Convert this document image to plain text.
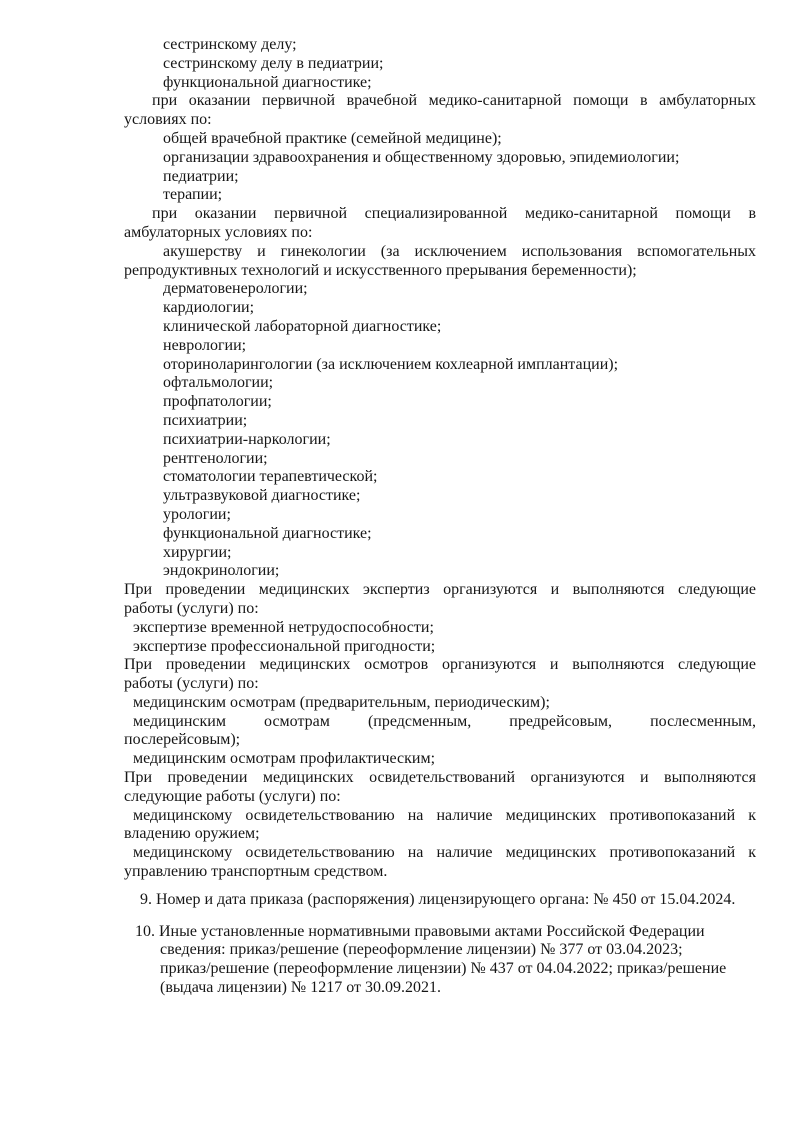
сестринскому делу;
сестринскому делу в педиатрии;
функциональной диагностике;
при оказании первичной врачебной медико-санитарной помощи в амбулаторных
условиях по:
общей врачебной практике (семейной медицине);
организации здравоохранения и общественному здоровью, эпидемиологии;
педиатрии;
терапии;
при оказании первичной специализированной медико-санитарной помощи в
амбулаторных условиях по:
акушерству и гинекологии (за исключением использования вспомогательных
репродуктивных технологий и искусственного прерывания беременности);
дерматовенерологии;
кардиологии;
клинической лабораторной диагностике;
неврологии;
оториноларингологии (за исключением кохлеарной имплантации);
офтальмологии;
профпатологии;
психиатрии;
психиатрии-наркологии;
рентгенологии;
стоматологии терапевтической;
ультразвуковой диагностике;
урологии;
функциональной диагностике;
хирургии;
эндокринологии;
При проведении медицинских экспертиз организуются и выполняются следующие
работы (услуги) по:
экспертизе временной нетрудоспособности;
экспертизе профессиональной пригодности;
При проведении медицинских осмотров организуются и выполняются следующие
работы (услуги) по:
медицинским осмотрам (предварительным, периодическим);
медицинским осмотрам (предсменным, предрейсовым, послесменным,
послерейсовым);
медицинским осмотрам профилактическим;
При проведении медицинских освидетельствований организуются и выполняются
следующие работы (услуги) по:
медицинскому освидетельствованию на наличие медицинских противопоказаний к
владению оружием;
медицинскому освидетельствованию на наличие медицинских противопоказаний к
управлению транспортным средством.
9. Номер и дата приказа (распоряжения) лицензирующего органа: № 450 от 15.04.2024.
10. Иные установленные нормативными правовыми актами Российской Федерации
сведения: приказ/решение (переоформление лицензии) № 377 от 03.04.2023;
приказ/решение (переоформление лицензии) № 437 от 04.04.2022; приказ/решение
(выдача лицензии) № 1217 от 30.09.2021.
